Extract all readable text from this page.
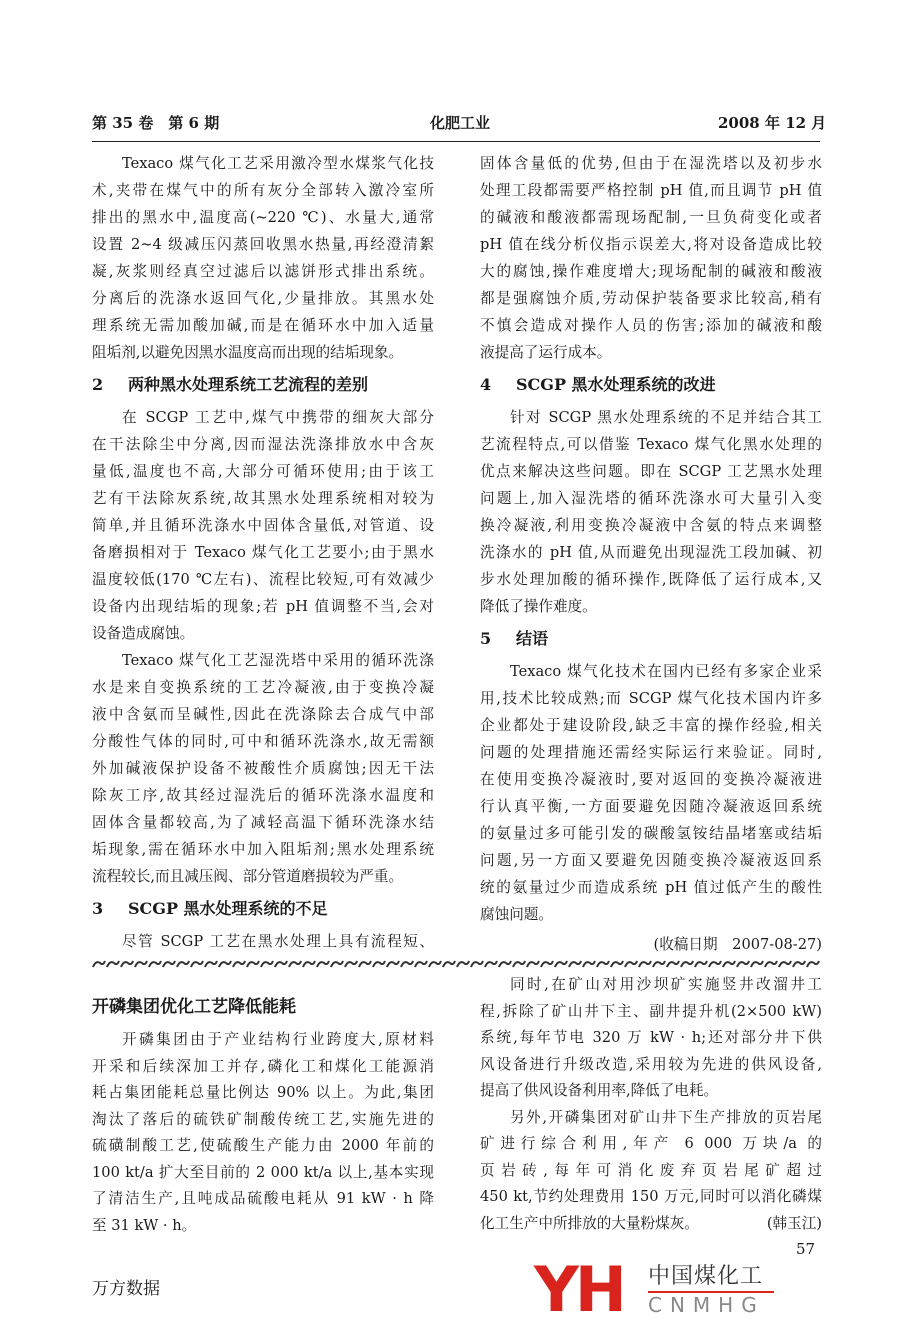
第 35 卷　第 6 期	化肥工业	2008 年 12 月
Texaco 煤气化工艺采用激冷型水煤浆气化技
术,夹带在煤气中的所有灰分全部转入激冷室所
排出的黑水中,温度高(~220 ℃)、水量大,通常
设置 2~4 级减压闪蒸回收黑水热量,再经澄清絮
凝,灰浆则经真空过滤后以滤饼形式排出系统。
分离后的洗涤水返回气化,少量排放。其黑水处
理系统无需加酸加碱,而是在循环水中加入适量
阻垢剂,以避免因黑水温度高而出现的结垢现象。
2 两种黑水处理系统工艺流程的差别
在 SCGP 工艺中,煤气中携带的细灰大部分
在干法除尘中分离,因而湿法洗涤排放水中含灰
量低,温度也不高,大部分可循环使用;由于该工
艺有干法除灰系统,故其黑水处理系统相对较为
简单,并且循环洗涤水中固体含量低,对管道、设
备磨损相对于 Texaco 煤气化工艺要小;由于黑水
温度较低(170 ℃左右)、流程比较短,可有效减少
设备内出现结垢的现象;若 pH 值调整不当,会对
设备造成腐蚀。
Texaco 煤气化工艺湿洗塔中采用的循环洗涤
水是来自变换系统的工艺冷凝液,由于变换冷凝
液中含氨而呈碱性,因此在洗涤除去合成气中部
分酸性气体的同时,可中和循环洗涤水,故无需额
外加碱液保护设备不被酸性介质腐蚀;因无干法
除灰工序,故其经过湿洗后的循环洗涤水温度和
固体含量都较高,为了减轻高温下循环洗涤水结
垢现象,需在循环水中加入阻垢剂;黑水处理系统
流程较长,而且减压阀、部分管道磨损较为严重。
3 SCGP 黑水处理系统的不足
尽管 SCGP 工艺在黑水处理上具有流程短、
固体含量低的优势,但由于在湿洗塔以及初步水
处理工段都需要严格控制 pH 值,而且调节 pH 值
的碱液和酸液都需现场配制,一旦负荷变化或者
pH 值在线分析仪指示误差大,将对设备造成比较
大的腐蚀,操作难度增大;现场配制的碱液和酸液
都是强腐蚀介质,劳动保护装备要求比较高,稍有
不慎会造成对操作人员的伤害;添加的碱液和酸
液提高了运行成本。
4 SCGP 黑水处理系统的改进
针对 SCGP 黑水处理系统的不足并结合其工
艺流程特点,可以借鉴 Texaco 煤气化黑水处理的
优点来解决这些问题。即在 SCGP 工艺黑水处理
问题上,加入湿洗塔的循环洗涤水可大量引入变
换冷凝液,利用变换冷凝液中含氨的特点来调整
洗涤水的 pH 值,从而避免出现湿洗工段加碱、初
步水处理加酸的循环操作,既降低了运行成本,又
降低了操作难度。
5 结语
Texaco 煤气化技术在国内已经有多家企业采
用,技术比较成熟;而 SCGP 煤气化技术国内许多
企业都处于建设阶段,缺乏丰富的操作经验,相关
问题的处理措施还需经实际运行来验证。同时,
在使用变换冷凝液时,要对返回的变换冷凝液进
行认真平衡,一方面要避免因随冷凝液返回系统
的氨量过多可能引发的碳酸氢铵结晶堵塞或结垢
问题,另一方面又要避免因随变换冷凝液返回系
统的氨量过少而造成系统 pH 值过低产生的酸性
腐蚀问题。
(收稿日期　2007-08-27)
开磷集团优化工艺降低能耗
开磷集团由于产业结构行业跨度大,原材料
开采和后续深加工并存,磷化工和煤化工能源消
耗占集团能耗总量比例达 90% 以上。为此,集团
淘汰了落后的硫铁矿制酸传统工艺,实施先进的
硫磺制酸工艺,使硫酸生产能力由 2000 年前的
100 kt/a 扩大至目前的 2 000 kt/a 以上,基本实现
了清洁生产,且吨成品硫酸电耗从 91 kW · h 降
至 31 kW · h。
同时,在矿山对用沙坝矿实施竖井改溜井工
程,拆除了矿山井下主、副井提升机(2×500 kW)
系统,每年节电 320 万 kW · h;还对部分井下供
风设备进行升级改造,采用较为先进的供风设备,
提高了供风设备利用率,降低了电耗。
另外,开磷集团对矿山井下生产排放的页岩尾
矿进行综合利用,年产 6 000 万块/a 的
页岩砖,每年可消化废弃页岩尾矿超过
450 kt,节约处理费用 150 万元,同时可以消化磷煤
化工生产中所排放的大量粉煤灰。	(韩玉江)
57
万方数据	YH 中国煤化工
CNMHG
